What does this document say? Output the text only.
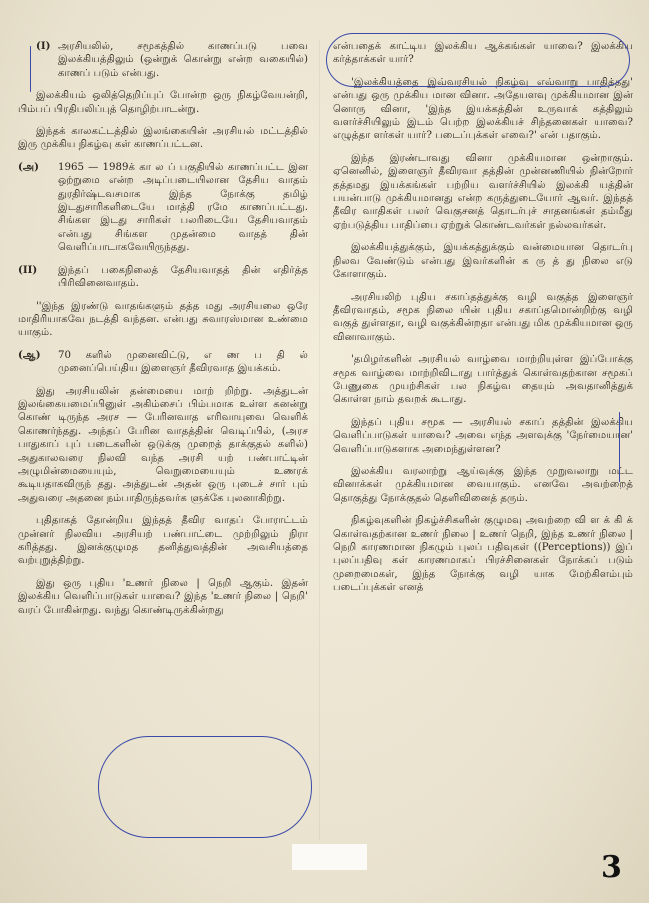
(I) அரசியலில், சமூகத்தில் காணப்படு பவை இலக்கியத்திலும் (ஒன்றுக் கொன்று என்ற வகையில்) காணப் படும் என்பது.
இலக்கியம் ஒலித்தெறிப்புப் போன்ற ஒரு நிகழ்வேயன்றி, பிம்பப் பிரதிபலிப்புத் தொழிற்பாடன்று.
இந்தக் காலகட்டத்தில் இலங்கையின் அரசியல் மட்டத்தில் இரு முக்கிய நிகழ்வு கள் காணப்பட்டன.
(அ) 1965 — 1989க் கா ல ப் பகுதியில் காணப்பட்ட இன ஒற்றுமை என்ற அடிப்படையிலான தேசிய வாதம் துரதிர்ஷ்டவசமாக இந்த நோக்கு தமிழ் இடதுசாரிகளிடையே மாத்தி ரமே காணப்பட்டது. சிங்கள இடது சாரிகள் பலரிடையே தேசியவாதம் என்பது சிங்கள முதன்மை வாதத் தின் வெளிப்பாடாகவேயிருந்தது.
(II) இந்தப் பகைநிலைத் தேசியவாதத் தின் எதிர்த்த பிரிவினைவாதம்.
''இந்த இரண்டு வாதங்களும் தத்த மது அரசியலை ஒரே மாதிரியாகவே நடத்தி வந்தன. என்பது சுவாரஸ்மான உண்மை யாகும்.
(ஆ) 70 களில் முனைவிட்டு, எ ண ப தி ல் முனைப்பெய்திய இளைஞர் தீவிரவாத இயக்கம்.
இது அரசியலின் தன்மையை மாற் றிற்று. அத்துடன் இலங்கையமைப்பினுள் அகிம்சைப் பிம்பமாக உள்ள கனன்று கொண் டிருந்த அரச — பேரினவாத எரிவாயுவை வெளிக் கொணர்ந்தது. அந்தப் பேரின வாதத்தின் வெடிப்பில், (அரச பாதுகாப் புப் படைகளின் ஒடுக்கு முறைத் தாக்குதல் களில்) அதுகாலவரை நிலவி வந்த அரசி யற் பண்பாட்டின் அழுமின்மையையும், வெறுமையையும் உணரக் கூடியதாகவிருந் தது. அத்துடன் அதன் ஒரு புடைச் சார் பும் அதுவரை அதனை நம்பாதிருந்தவர்க ளுக்கே புலனாகிற்று.
புதிதாகத் தோன்றிய இந்தத் தீவிர வாதப் போராட்டம் முன்னர் நிலவிய அரசியற் பண்பாட்டை முற்றிலும் நிரா கரித்தது. இனக்குழுமத தனித்துவத்தின் அவசியத்தை வற்புறுத்திற்று.
இது ஒரு புதிய 'உணர் நிலை | நெறி ஆகும். இதன் இலக்கிய வெளிப்பாடுகள் யாவை? இந்த 'உணர் நிலை | நெறி' வரப் போகின்றது. வந்து கொண்டிருக்கின்றது
என்பதைக் காட்டிய இலக்கிய ஆக்கங்கள் யாவை? இலக்கிய கர்த்தாக்கள் யார்?
'இலக்கியத்தை இவ்வரசியல் நிகழ்வு எவ்வாறு பாதித்தது' என்பது ஒரு முக்கிய மான வினா. அதேயளவு முக்கியமான இன் னொரு வினா, 'இந்த இயக்கத்தின் உருவாக் கத்திலும் வளர்ச்சியிலும் இடம் பெற்ற இலக்கியச் சிந்தனைகள் யாவை? எழுத்தா ளர்கள் யார்? படைப்புக்கள் எவை?' என் பதாகும்.
இந்த இரண்டாவது வினா முக்கியமான ஒன்றாகும். ஏனெனில், இளைஞர் தீவிரவா தத்தின் முன்னணியில் நின்றோர் தத்தமது இயக்கங்கள் பற்றிய வளர்ச்சியில் இலக்கி யத்தின் பயன்பாடு முக்கியமானது என்ற கருத்துடையோர் ஆவர். இந்தத் தீவிர வாதிகள் பலர் வெகுசனத் தொடர்புச் சாதனங்கள் தம்மீது ஏற்படுத்திய பாதிப்பை ஏற்றுக் கொண்டவர்கள் நல்லவர்கள்.
இலக்கியத்துக்கும், இயக்கத்துக்கும் வன்மையான தொடர்பு நிலவ வேண்டும் என்பது இவர்களின் க ரு த் து நிலை எடு கோளாகும்.
அரசியலிற் புதிய சகாப்தத்துக்கு வழி வகுத்த இளைஞர் தீவிரவாதம், சமூக நிலை யின் புதிய சகாப்தமொன்றிற்கு வழி வகுத் துள்ளதா, வழி வகுக்கின்றதா என்பது மிக முக்கியமான ஒரு வினாவாகும்.
'தமிழர்களின் அரசியல் வாழ்வை மாற்றியுள்ள இப்போக்கு சமூக வாழ்வை மாற்றிவிடாது பார்த்துக் கொள்வதற்கான சமூகப் பேணுகை முயற்சிகள் பல நிகழ்வ தையும் அவதானித்துக் கொள்ள நாம் தவறக் கூடாது.
இந்தப் புதிய சமூக — அரசியல் சகாப் தத்தின் இலக்கிய வெளிப்பாடுகள் யாவை? அவை எந்த அளவுக்கு 'நேர்மையான' வெளிப்பாடுகளாக அமைந்துள்ளன?
இலக்கிய வரலாற்று ஆய்வுக்கு இந்த முறுவலாறு மட்ட வினாக்கள் முக்கியமான வையாகும். எனவே அவற்றைத் தொகுத்து நோக்குதல் தெளிவினைத் தரும்.
நிகழ்வுகளின் நிகழ்ச்சிகளின் குழுமவு அவற்றை வி ள க் கி க் கொள்வதற்கான உணர் நிலை | உணர் நெறி, இந்த உணர் நிலை | நெறி காரணமான நிகழும் புலப் பதிவுகள் ((Perceptions)) இப் புலப்பதிவு கள் காரணமாகப் பிரச்சினைகள் நோக்கப் படும் முறைமைகள், இந்த நோக்கு வழி யாக மேற்கிளம்பும் படைப்புக்கள் எனத்
3
